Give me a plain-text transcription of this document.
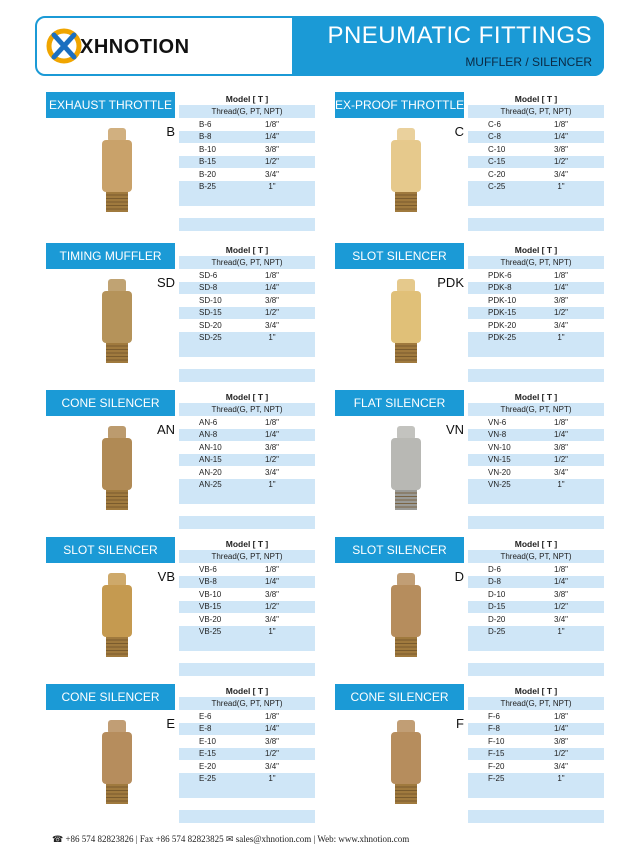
XHNOTION	PNEUMATIC FITTINGS
MUFFLER / SILENCER
EXHAUST THROTTLE
B
Model [ T ]
Thread(G, PT, NPT)
B-6	1/8"
B-8	1/4"
B-10	3/8"
B-15	1/2"
B-20	3/4"
B-25	1"
EX-PROOF THROTTLE
C
Model [ T ]
Thread(G, PT, NPT)
C-6	1/8"
C-8	1/4"
C-10	3/8"
C-15	1/2"
C-20	3/4"
C-25	1"
TIMING MUFFLER
SD
Model [ T ]
Thread(G, PT, NPT)
SD-6	1/8"
SD-8	1/4"
SD-10	3/8"
SD-15	1/2"
SD-20	3/4"
SD-25	1"
SLOT SILENCER
PDK
Model [ T ]
Thread(G, PT, NPT)
PDK-6	1/8"
PDK-8	1/4"
PDK-10	3/8"
PDK-15	1/2"
PDK-20	3/4"
PDK-25	1"
CONE SILENCER
AN
Model [ T ]
Thread(G, PT, NPT)
AN-6	1/8"
AN-8	1/4"
AN-10	3/8"
AN-15	1/2"
AN-20	3/4"
AN-25	1"
FLAT SILENCER
VN
Model [ T ]
Thread(G, PT, NPT)
VN-6	1/8"
VN-8	1/4"
VN-10	3/8"
VN-15	1/2"
VN-20	3/4"
VN-25	1"
SLOT SILENCER
VB
Model [ T ]
Thread(G, PT, NPT)
VB-6	1/8"
VB-8	1/4"
VB-10	3/8"
VB-15	1/2"
VB-20	3/4"
VB-25	1"
SLOT SILENCER
D
Model [ T ]
Thread(G, PT, NPT)
D-6	1/8"
D-8	1/4"
D-10	3/8"
D-15	1/2"
D-20	3/4"
D-25	1"
CONE SILENCER
E
Model [ T ]
Thread(G, PT, NPT)
E-6	1/8"
E-8	1/4"
E-10	3/8"
E-15	1/2"
E-20	3/4"
E-25	1"
CONE SILENCER
F
Model [ T ]
Thread(G, PT, NPT)
F-6	1/8"
F-8	1/4"
F-10	3/8"
F-15	1/2"
F-20	3/4"
F-25	1"
☎ +86 574 82823826 | Fax +86 574 82823825 ✉ sales@xhnotion.com | Web: www.xhnotion.com
